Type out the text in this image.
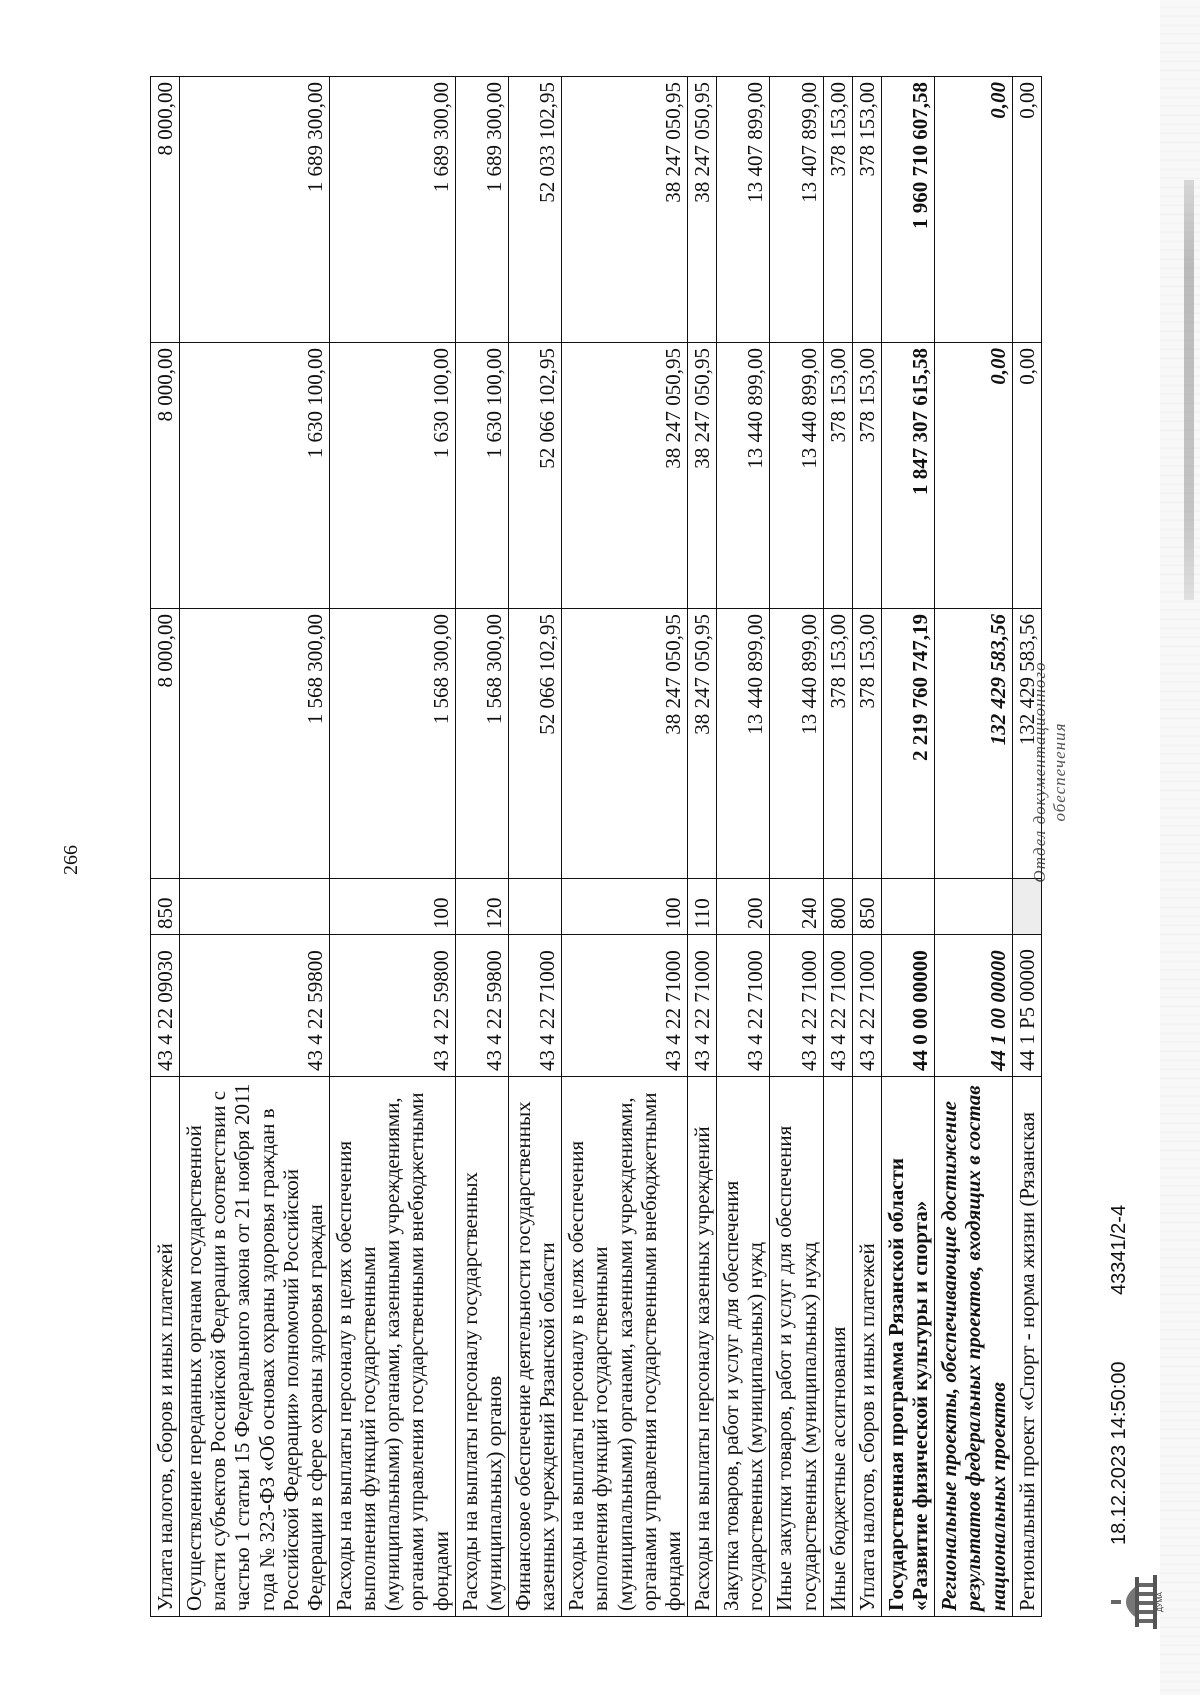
266
Уплата налогов, сборов и иных платежей	43 4 22 09030	850	8 000,00	8 000,00	8 000,00
Осуществление переданных органам государственной власти субъектов Российской Федерации в соответствии с частью 1 статьи 15 Федерального закона от 21 ноября 2011 года № 323-ФЗ «Об основах охраны здоровья граждан в Российской Федерации» полномочий Российской Федерации в сфере охраны здоровья граждан	43 4 22 59800		1 568 300,00	1 630 100,00	1 689 300,00
Расходы на выплаты персоналу в целях обеспечения выполнения функций государственными (муниципальными) органами, казенными учреждениями, органами управления государственными внебюджетными фондами	43 4 22 59800	100	1 568 300,00	1 630 100,00	1 689 300,00
Расходы на выплаты персоналу государственных (муниципальных) органов	43 4 22 59800	120	1 568 300,00	1 630 100,00	1 689 300,00
Финансовое обеспечение деятельности государственных казенных учреждений Рязанской области	43 4 22 71000		52 066 102,95	52 066 102,95	52 033 102,95
Расходы на выплаты персоналу в целях обеспечения выполнения функций государственными (муниципальными) органами, казенными учреждениями, органами управления государственными внебюджетными фондами	43 4 22 71000	100	38 247 050,95	38 247 050,95	38 247 050,95
Расходы на выплаты персоналу казенных учреждений	43 4 22 71000	110	38 247 050,95	38 247 050,95	38 247 050,95
Закупка товаров, работ и услуг для обеспечения государственных (муниципальных) нужд	43 4 22 71000	200	13 440 899,00	13 440 899,00	13 407 899,00
Иные закупки товаров, работ и услуг для обеспечения государственных (муниципальных) нужд	43 4 22 71000	240	13 440 899,00	13 440 899,00	13 407 899,00
Иные бюджетные ассигнования	43 4 22 71000	800	378 153,00	378 153,00	378 153,00
Уплата налогов, сборов и иных платежей	43 4 22 71000	850	378 153,00	378 153,00	378 153,00
Государственная программа Рязанской области «Развитие физической культуры и спорта»	44 0 00 00000		2 219 760 747,19	1 847 307 615,58	1 960 710 607,58
Региональные проекты, обеспечивающие достижение результатов федеральных проектов, входящих в состав национальных проектов	44 1 00 00000		132 429 583,56	0,00	0,00
Региональный проект «Спорт - норма жизни (Рязанская	44 1 P5 00000		132 429 583,56	0,00	0,00
ДУМА
18.12.2023 14:50:00
43341/2-4
Отдел документационного обеспечения
